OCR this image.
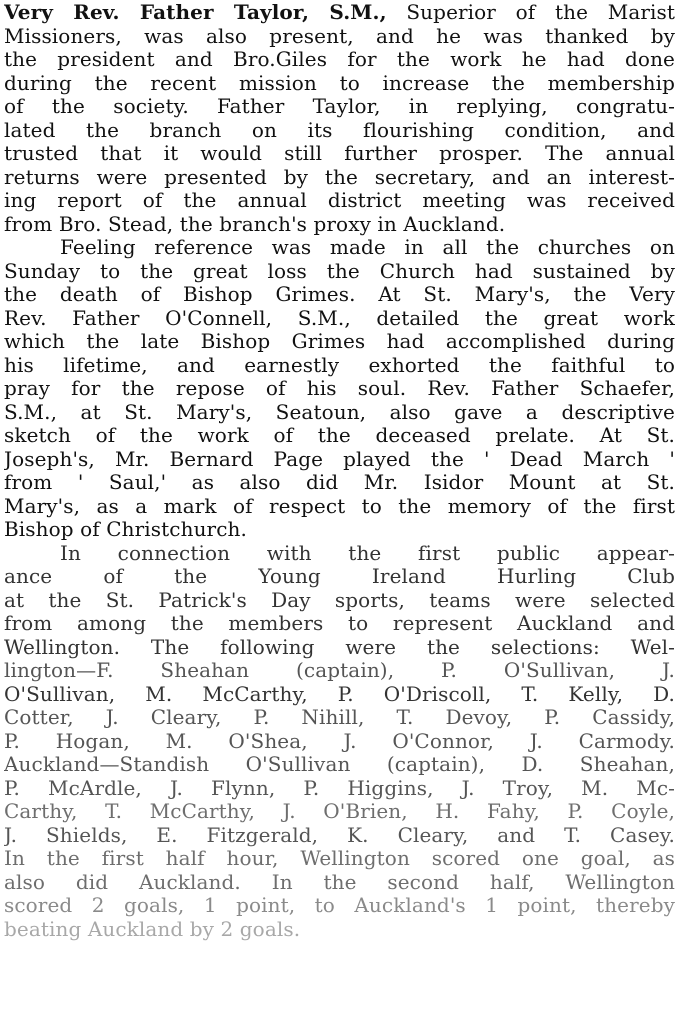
Very Rev. Father Taylor, S.M., Superior of the Marist
Missioners, was also present, and he was thanked by
the president and Bro.Giles for the work he had done
during the recent mission to increase the membership
of the society. Father Taylor, in replying, congratu-
lated the branch on its flourishing condition, and
trusted that it would still further prosper. The annual
returns were presented by the secretary, and an interest-
ing report of the annual district meeting was received
from Bro. Stead, the branch's proxy in Auckland.
Feeling reference was made in all the churches on
Sunday to the great loss the Church had sustained by
the death of Bishop Grimes. At St. Mary's, the Very
Rev. Father O'Connell, S.M., detailed the great work
which the late Bishop Grimes had accomplished during
his lifetime, and earnestly exhorted the faithful to
pray for the repose of his soul. Rev. Father Schaefer,
S.M., at St. Mary's, Seatoun, also gave a descriptive
sketch of the work of the deceased prelate. At St.
Joseph's, Mr. Bernard Page played the ' Dead March '
from ' Saul,' as also did Mr. Isidor Mount at St.
Mary's, as a mark of respect to the memory of the first
Bishop of Christchurch.
In connection with the first public appear-
ance of the Young Ireland Hurling Club
at the St. Patrick's Day sports, teams were selected
from among the members to represent Auckland and
Wellington. The following were the selections: Wel-
lington—F. Sheahan (captain), P. O'Sullivan, J.
O'Sullivan, M. McCarthy, P. O'Driscoll, T. Kelly, D.
Cotter, J. Cleary, P. Nihill, T. Devoy, P. Cassidy,
P. Hogan, M. O'Shea, J. O'Connor, J. Carmody.
Auckland—Standish O'Sullivan (captain), D. Sheahan,
P. McArdle, J. Flynn, P. Higgins, J. Troy, M. Mc-
Carthy, T. McCarthy, J. O'Brien, H. Fahy, P. Coyle,
J. Shields, E. Fitzgerald, K. Cleary, and T. Casey.
In the first half hour, Wellington scored one goal, as
also did Auckland. In the second half, Wellington
scored 2 goals, 1 point, to Auckland's 1 point, thereby
beating Auckland by 2 goals.
